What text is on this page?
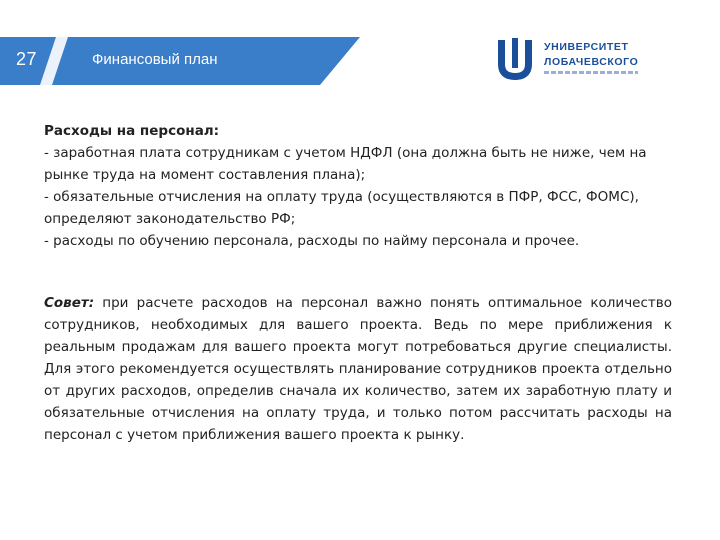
27	Финансовый план
УНИВЕРСИТЕТ
ЛОБАЧЕВСКОГО

Расходы на персонал:

- заработная плата сотрудникам с учетом НДФЛ (она должна быть не ниже, чем на рынке труда на момент составления плана);

- обязательные отчисления на оплату труда (осуществляются в ПФР, ФСС, ФОМС), определяют законодательство РФ;

- расходы по обучению персонала, расходы по найму персонала и прочее.

Совет: при расчете расходов на персонал важно понять оптимальное количество сотрудников, необходимых для вашего проекта. Ведь по мере приближения к реальным продажам для вашего проекта могут потребоваться другие специалисты. Для этого рекомендуется осуществлять планирование сотрудников проекта отдельно от других расходов, определив сначала их количество, затем их заработную плату и обязательные отчисления на оплату труда, и только потом рассчитать расходы на персонал с учетом приближения вашего проекта к рынку.
